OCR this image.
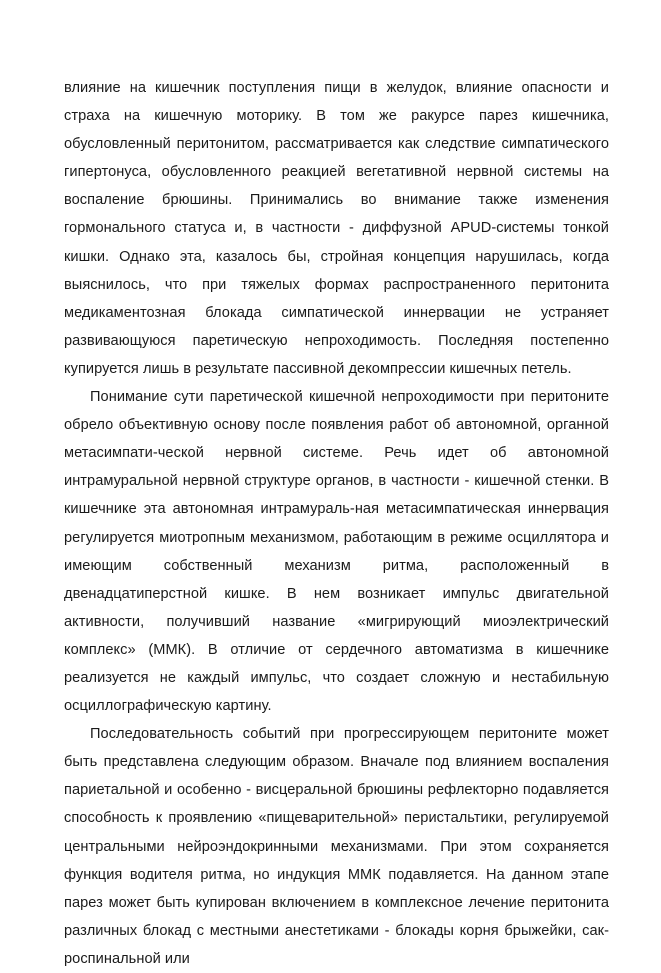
влияние на кишечник поступления пищи в желудок, влияние опасности и страха на кишечную моторику. В том же ракурсе парез кишечника, обусловленный перитонитом, рассматривается как следствие симпатического гипертонуса, обусловленного реакцией вегетативной нервной системы на воспаление брюшины. Принимались во внимание также изменения гормонального статуса и, в частности - диффузной APUD-системы тонкой кишки. Однако эта, казалось бы, стройная концепция нарушилась, когда выяснилось, что при тяжелых формах распространенного перитонита медикаментозная блокада симпатической иннервации не устраняет развивающуюся паретическую непроходимость. Последняя постепенно купируется лишь в результате пассивной декомпрессии кишечных петель.

Понимание сути паретической кишечной непроходимости при перитоните обрело объективную основу после появления работ об автономной, органной метасимпати-ческой нервной системе. Речь идет об автономной интрамуральной нервной структуре органов, в частности - кишечной стенки. В кишечнике эта автономная интрамураль-ная метасимпатическая иннервация регулируется миотропным механизмом, работающим в режиме осциллятора и имеющим собственный механизм ритма, расположенный в двенадцатиперстной кишке. В нем возникает импульс двигательной активности, получивший название «мигрирующий миоэлектрический комплекс» (ММК). В отличие от сердечного автоматизма в кишечнике реализуется не каждый импульс, что создает сложную и нестабильную осциллографическую картину.

Последовательность событий при прогрессирующем перитоните может быть представлена следующим образом. Вначале под влиянием воспаления париетальной и особенно - висцеральной брюшины рефлекторно подавляется способность к проявлению «пищеварительной» перистальтики, регулируемой центральными нейроэндокринными механизмами. При этом сохраняется функция водителя ритма, но индукция ММК подавляется. На данном этапе парез может быть купирован включением в комплексное лечение перитонита различных блокад с местными анестетиками - блокады корня брыжейки, сак-роспинальной или
